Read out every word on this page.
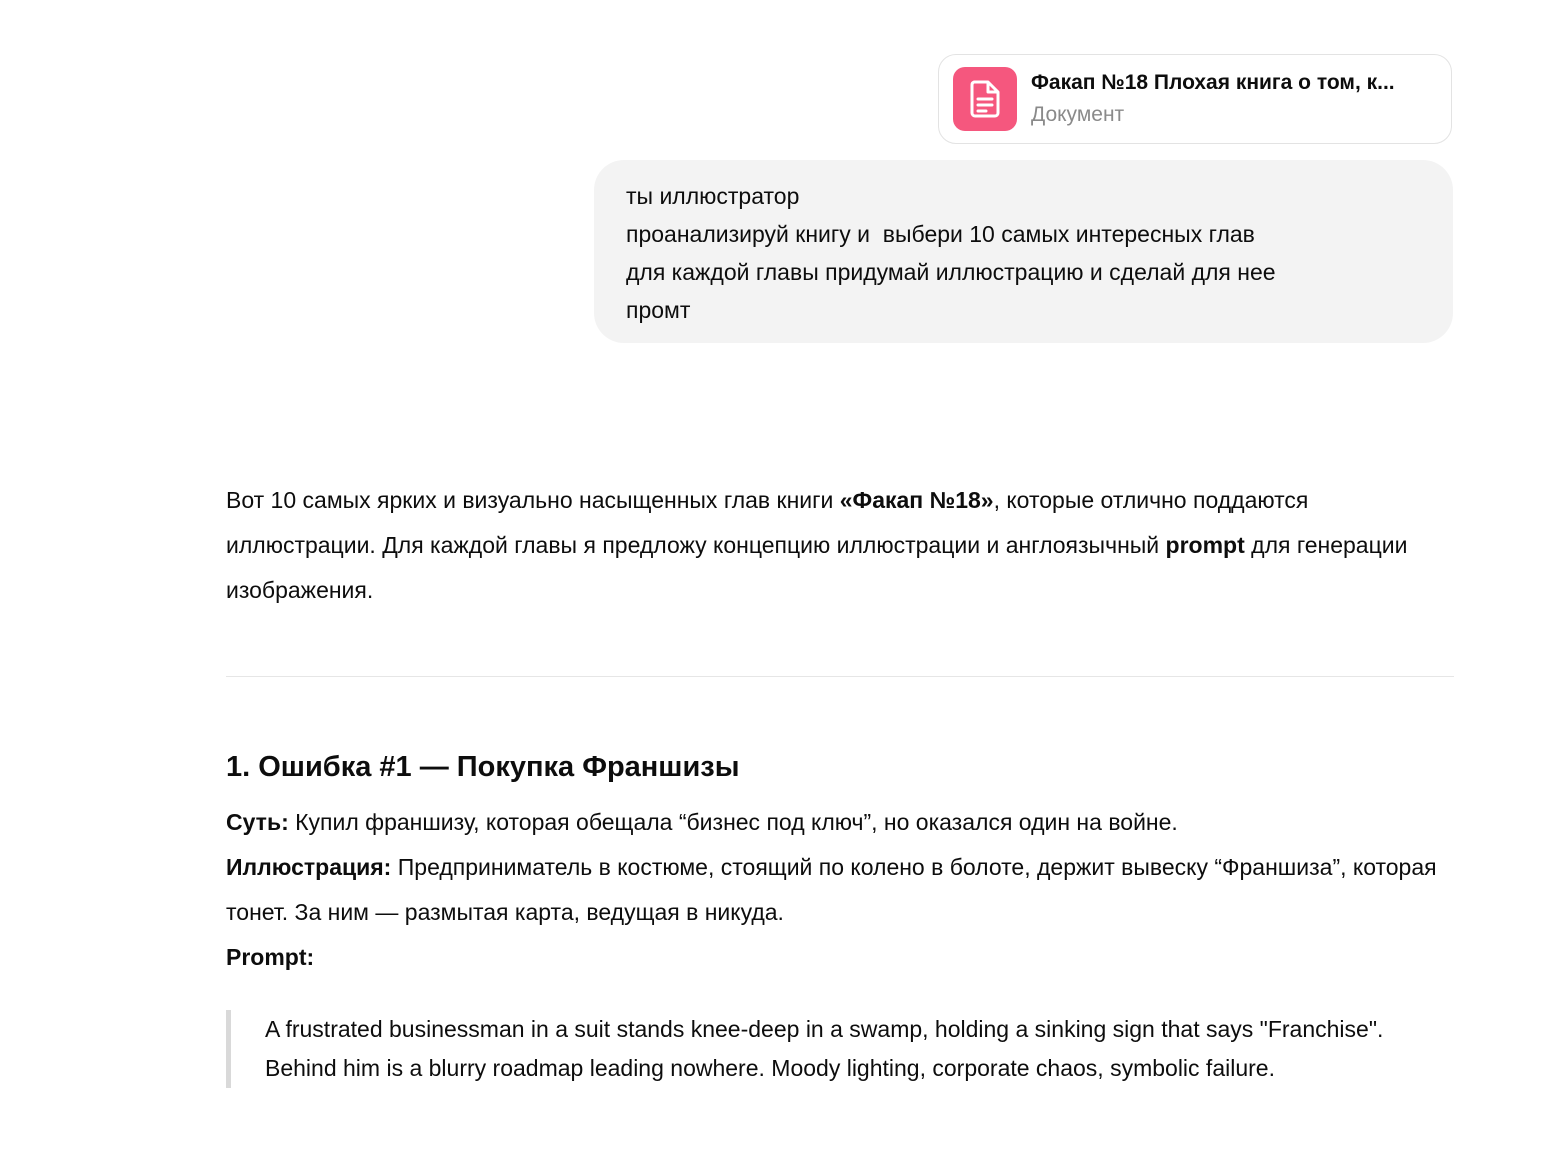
Факап №18 Плохая книга о том, к...
Документ
ты иллюстратор
проанализируй книгу и  выбери 10 самых интересных глав
для каждой главы придумай иллюстрацию и сделай для нее
промт

Вот 10 самых ярких и визуально насыщенных глав книги «Факап №18», которые отлично поддаются иллюстрации. Для каждой главы я предложу концепцию иллюстрации и англоязычный prompt для генерации изображения.

1. Ошибка #1 — Покупка Франшизы

Суть: Купил франшизу, которая обещала “бизнес под ключ”, но оказался один на войне.

Иллюстрация: Предприниматель в костюме, стоящий по колено в болоте, держит вывеску “Франшиза”, которая тонет. За ним — размытая карта, ведущая в никуда.

Prompt:

A frustrated businessman in a suit stands knee-deep in a swamp, holding a sinking sign that says "Franchise". Behind him is a blurry roadmap leading nowhere. Moody lighting, corporate chaos, symbolic failure.
